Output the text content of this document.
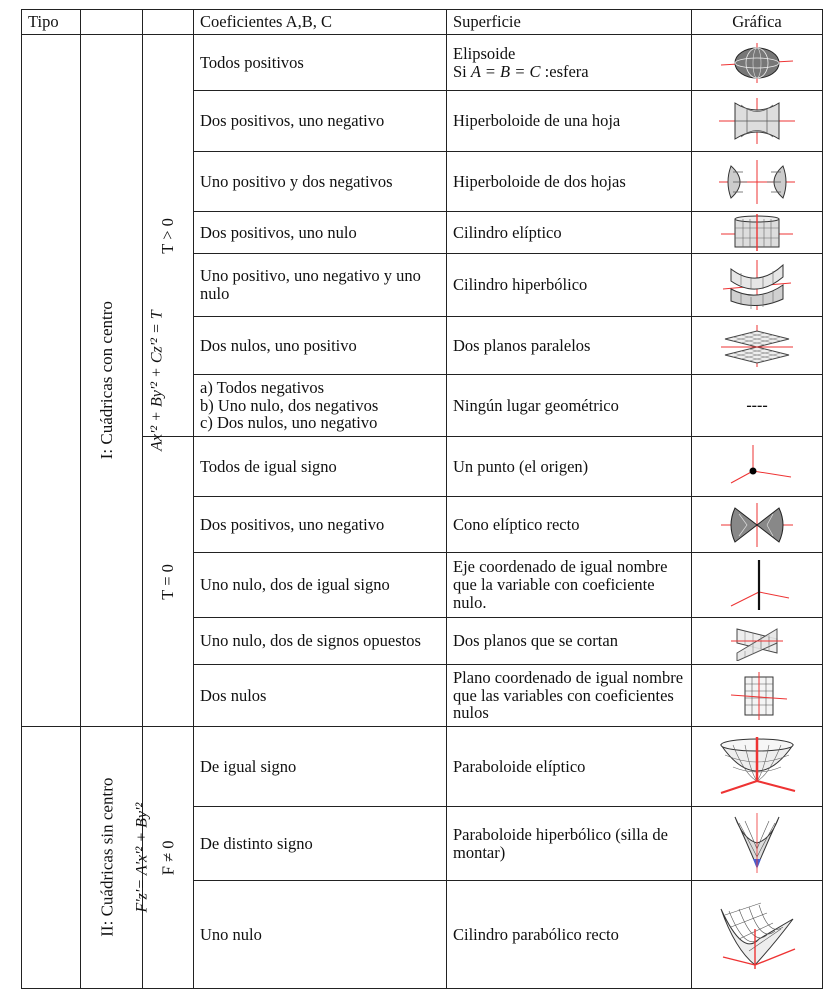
Tipo			Coeficientes A,B, C	Superficie	Gráfica
I: Cuádricas con centro	Ax'² + By'² + Cz'² = T	T > 0	Todos positivos	Elipsoide
Si A = B = C :esfera

			Dos positivos, uno negativo	Hiperboloide de una hoja	

			Uno positivo y dos negativos	Hiperboloide de dos hojas	

			Dos positivos, uno nulo	Cilindro elíptico	

			Uno positivo, uno negativo y uno nulo	Cilindro hiperbólico	

			Dos nulos, uno positivo	Dos planos paralelos	

			a) Todos negativos
b) Uno nulo, dos negativos
c) Dos nulos, uno negativo	Ningún lugar geométrico	----
		T = 0	Todos de igual signo	Un punto (el origen)	

			Dos positivos, uno negativo	Cono elíptico recto	

			Uno nulo, dos de igual signo	Eje coordenado de igual nombre que la variable con coeficiente nulo.	

			Uno nulo, dos de signos opuestos	Dos planos que se cortan	

			Dos nulos	Plano coordenado de igual nombre que las variables con coeficientes nulos	

II: Cuádricas sin centro	F'z'= A'x'² + By'²	F ≠ 0	De igual signo	Paraboloide elíptico	

			De distinto signo	Paraboloide hiperbólico (silla de montar)	

			Uno nulo	Cilindro parabólico recto	
